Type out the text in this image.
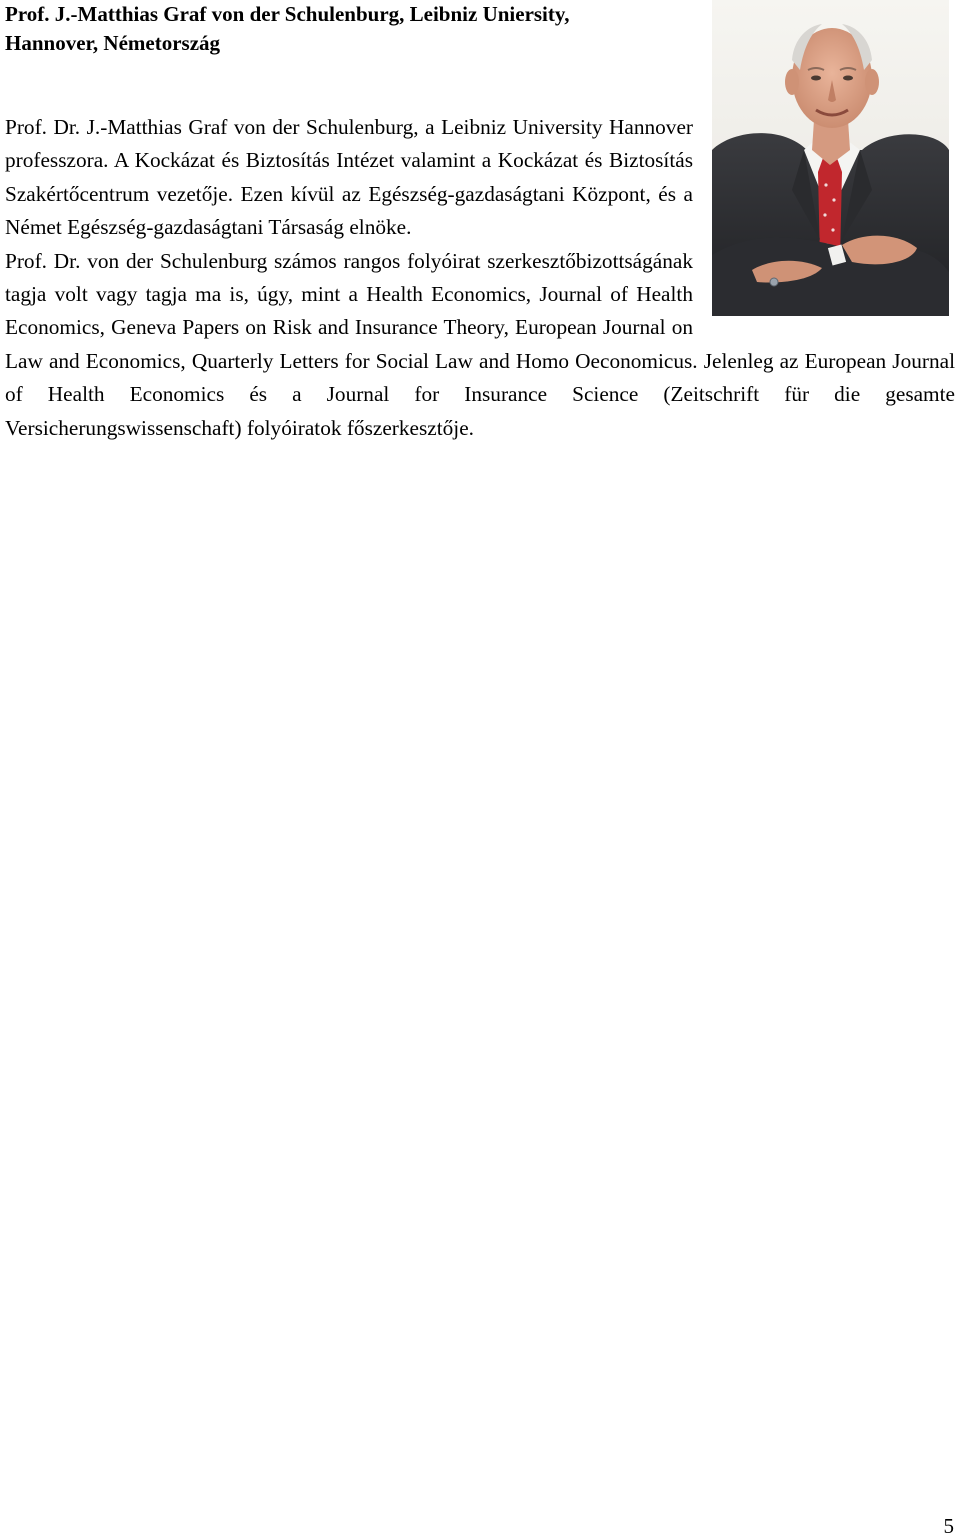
Prof. J.-Matthias Graf von der Schulenburg, Leibniz Uniersity,
Hannover, Németország

Prof. Dr. J.-Matthias Graf von der Schulenburg, a Leibniz University Hannover professzora. A Kockázat és Biztosítás Intézet valamint a Kockázat és Biztosítás Szakértőcentrum vezetője. Ezen kívül az Egészség-gazdaságtani Központ, és a Német Egészség-gazdaságtani Társaság elnöke.

Prof. Dr. von der Schulenburg számos rangos folyóirat szerkesztőbizottságának tagja volt vagy tagja ma is, úgy, mint a Health Economics, Journal of Health Economics, Geneva Papers on Risk and Insurance Theory, European Journal on Law and Economics, Quarterly Letters for Social Law and Homo Oeconomicus. Jelenleg az European Journal of Health Economics és a Journal for Insurance Science (Zeitschrift für die gesamte Versicherungswissenschaft) folyóiratok főszerkesztője.

5
